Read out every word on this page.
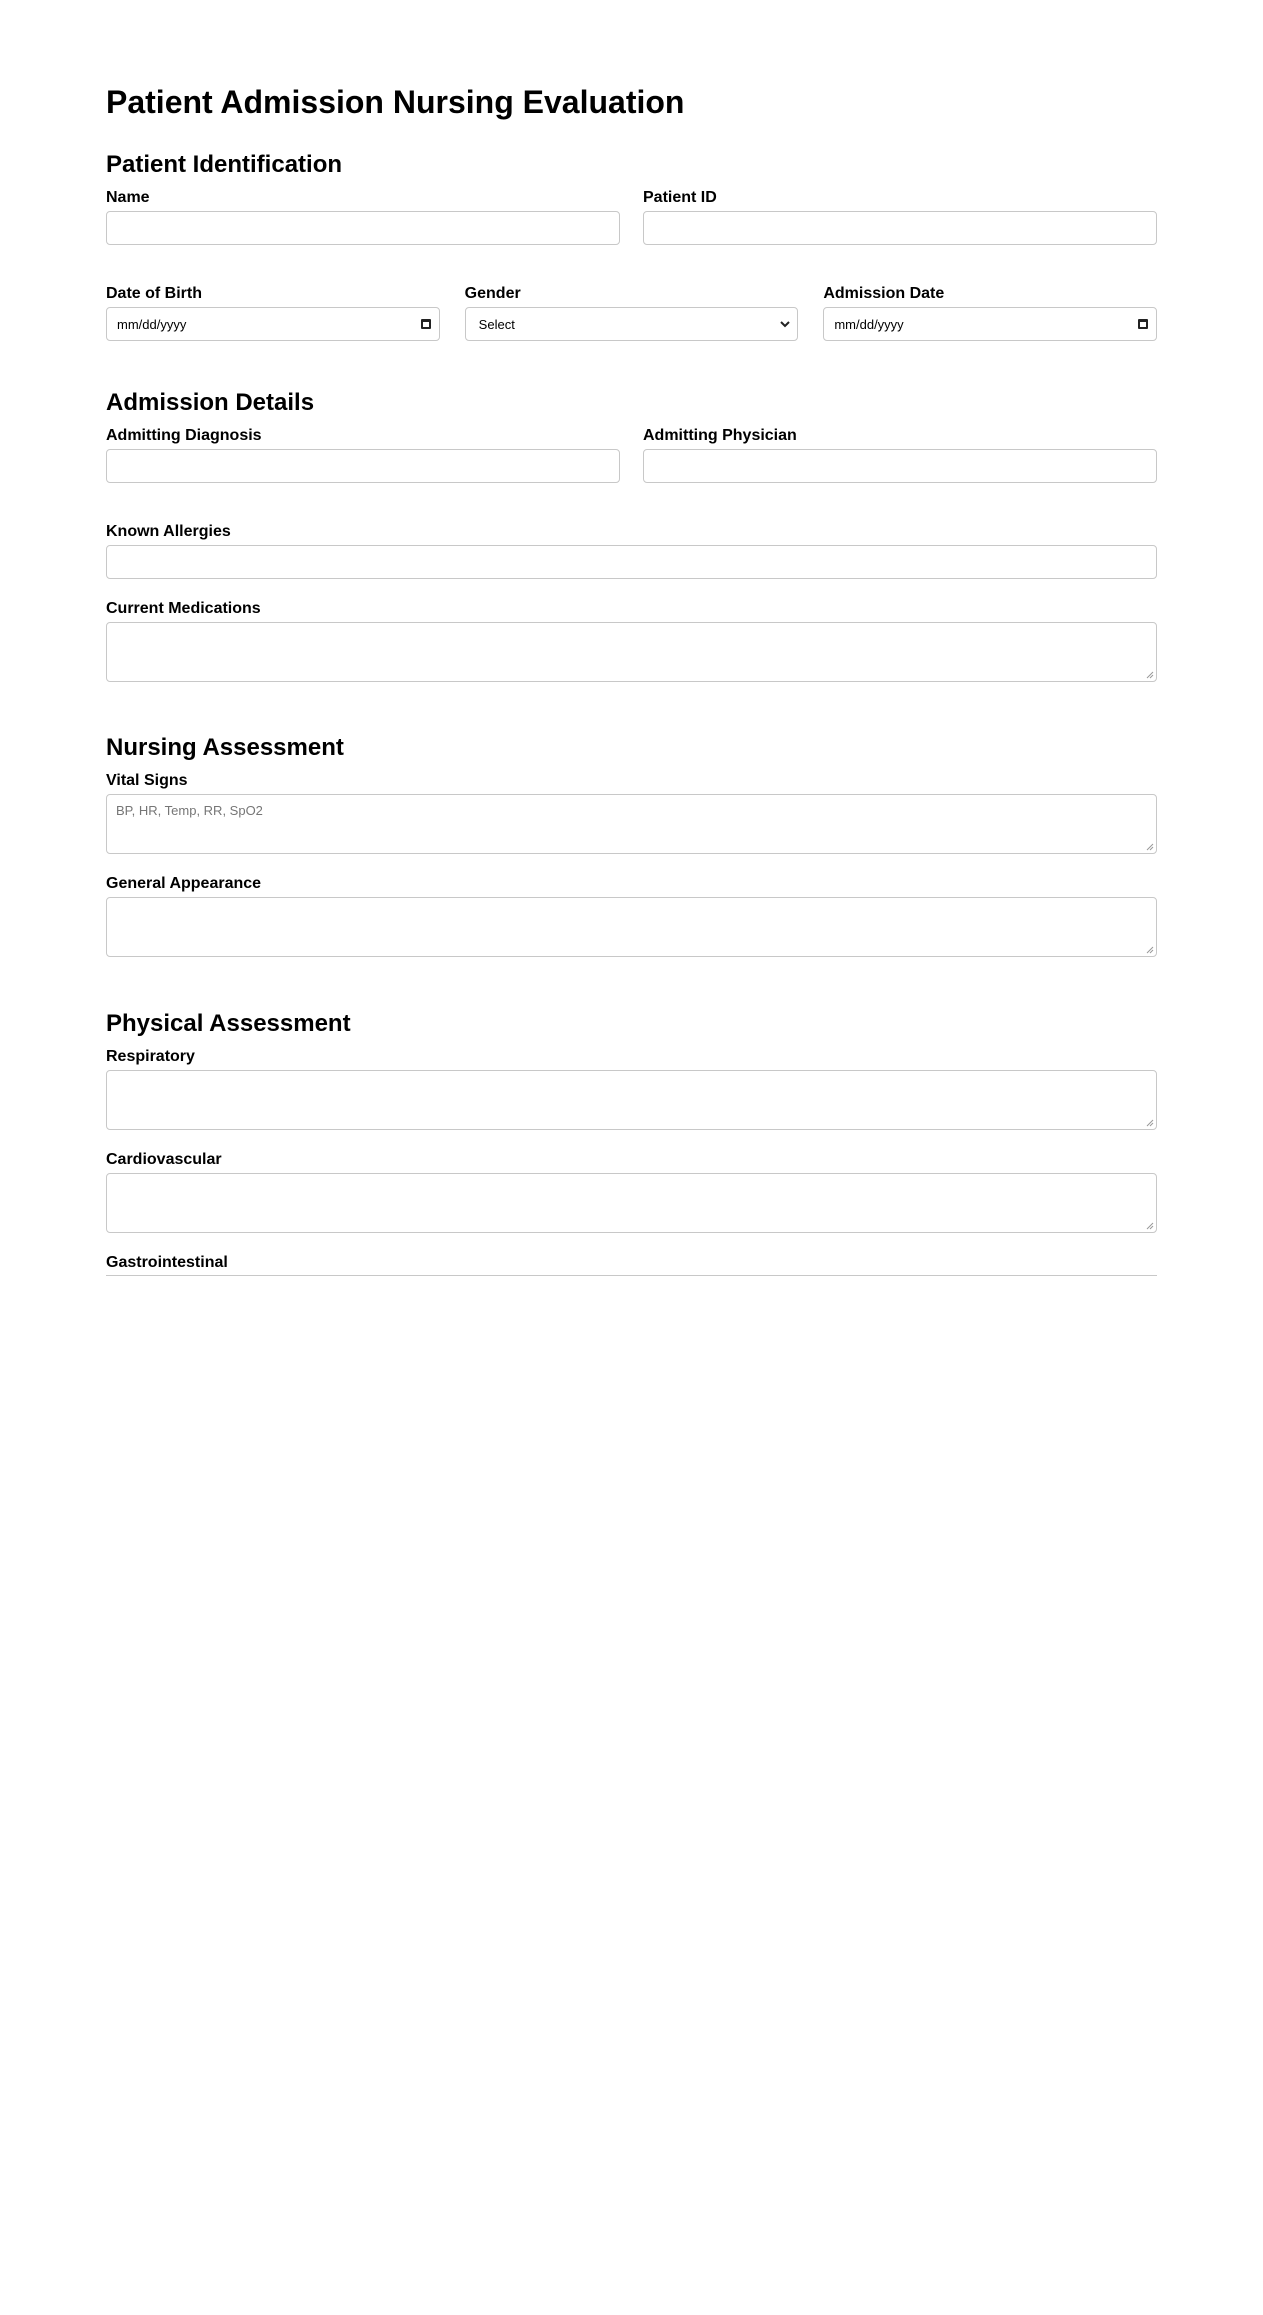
Patient Admission Nursing Evaluation
Patient Identification
Name	Patient ID
Date of Birth
mm/dd/yyyy
Gender
Select
Admission Date
mm/dd/yyyy
Admission Details
Admitting Diagnosis	Admitting Physician
Known Allergies
Current Medications
Nursing Assessment
Vital Signs
BP, HR, Temp, RR, SpO2
General Appearance
Physical Assessment
Respiratory
Cardiovascular
Gastrointestinal
